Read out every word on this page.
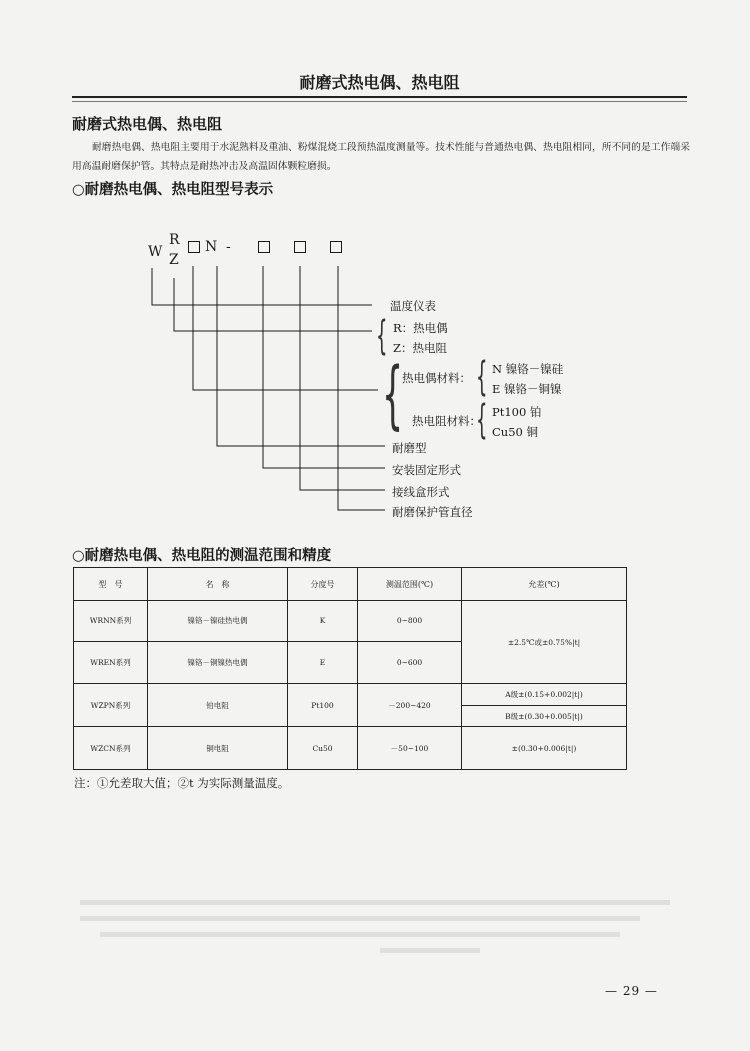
耐磨式热电偶、热电阻
耐磨式热电偶、热电阻
耐磨热电偶、热电阻主要用于水泥熟料及重油、粉煤混烧工段预热温度测量等。技术性能与普通热电偶、热电阻相同，所不同的是工作端采用高温耐磨保护管。其特点是耐热冲击及高温固体颗粒磨损。
○耐磨热电偶、热电阻型号表示
W
R
Z
N -
温度仪表
{ R：热电偶
Z：热电阻
{
热电偶材料： { N 镍铬－镍硅
E 镍铬－铜镍
热电阻材料：
{ Pt100 铂
Cu50 铜
耐磨型
安装固定形式
接线盒形式
耐磨保护管直径
○耐磨热电偶、热电阻的测温范围和精度
型　号	名　称	分度号	测温范围(℃)	允差(℃)
WRNN系列	镍铬－镍硅热电偶	K	0~800	±2.5℃或±0.75%|t|
WREN系列	镍铬－铜镍热电偶	E	0~600	
WZPN系列	铂电阻	Pt100	－200~420	A级±(0.15+0.002|t|)
				B级±(0.30+0.005|t|)
WZCN系列	铜电阻	Cu50	－50~100	±(0.30+0.006|t|)
注：①允差取大值；②t 为实际测量温度。
— 29 —
